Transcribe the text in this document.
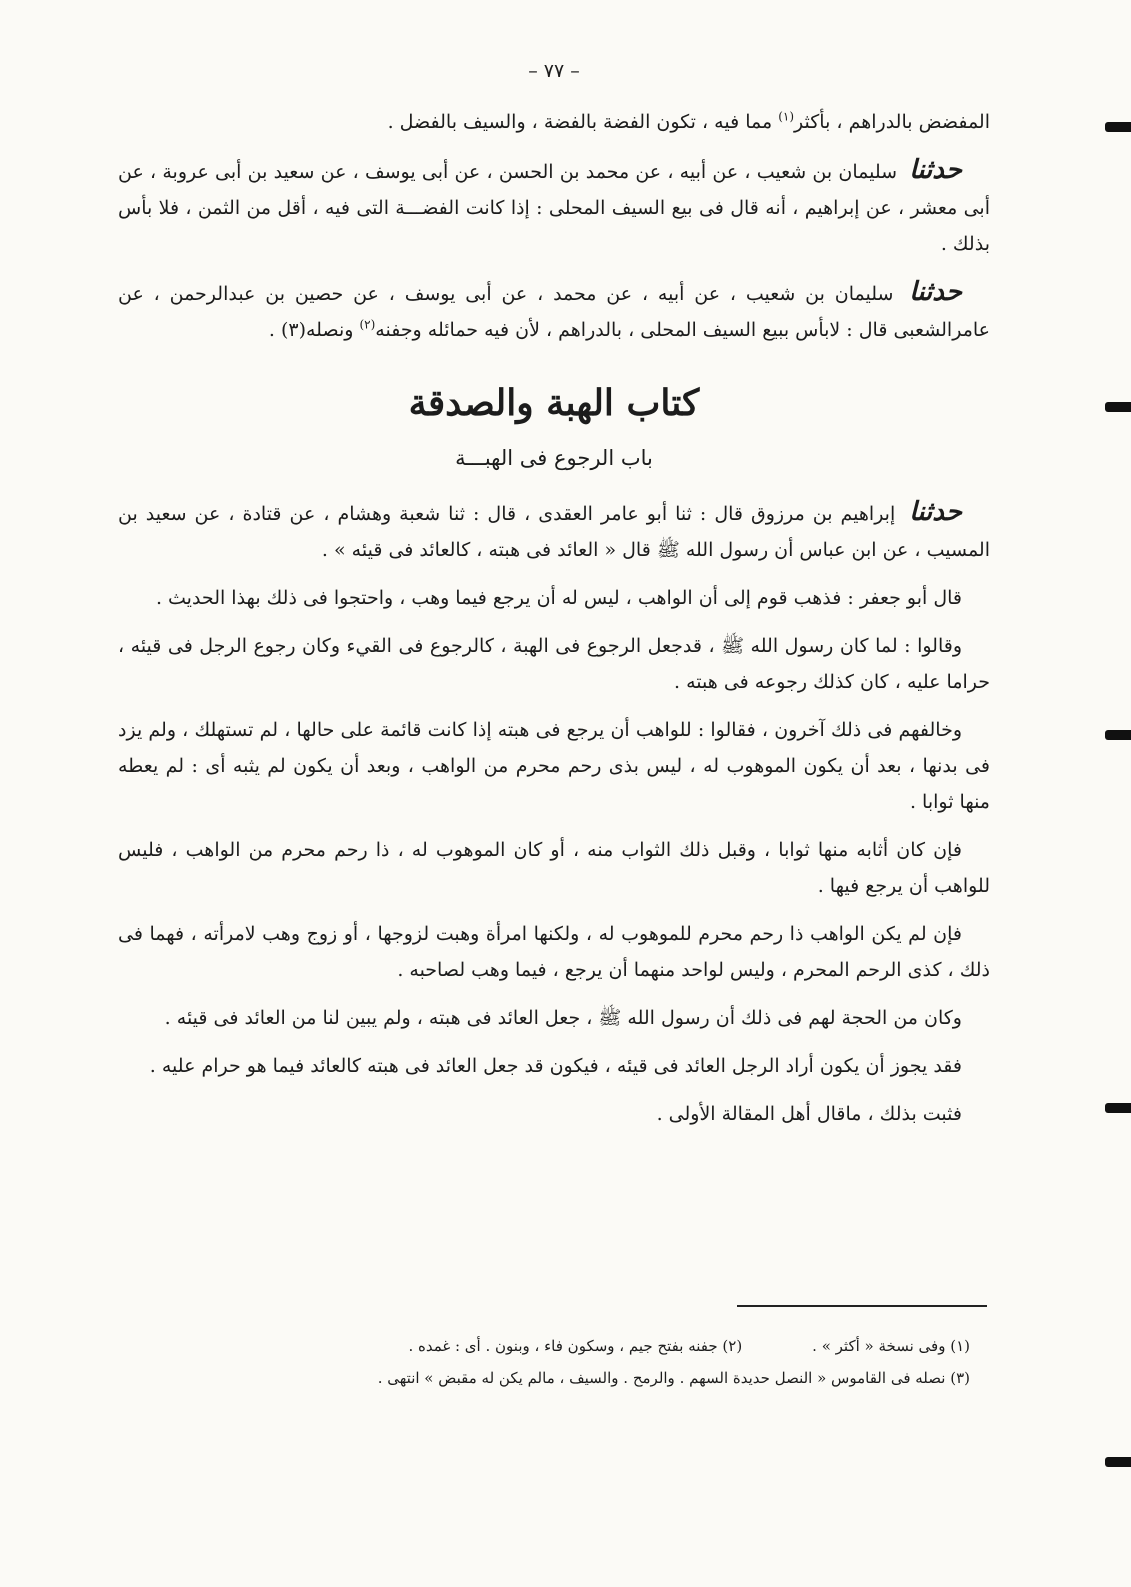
– ٧٧ –

المفضض بالدراهم ، بأكثر$^{(١)}$ مما فيه ، تكون الفضة بالفضة ، والسيف بالفضل .

حدثنا سليمان بن شعيب ، عن أبيه ، عن محمد بن الحسن ، عن أبى يوسف ، عن سعيد بن أبى عروبة ، عن أبى معشر ، عن إبراهيم ، أنه قال فى بيع السيف المحلى : إذا كانت الفضـــة التى فيه ، أقل من الثمن ، فلا بأس بذلك .

حدثنا سليمان بن شعيب ، عن أبيه ، عن محمد ، عن أبى يوسف ، عن حصين بن عبدالرحمن ، عن عامرالشعبى قال : لابأس ببيع السيف المحلى ، بالدراهم ، لأن فيه حمائله وجفنه$^{(٢)}$ ونصله(٣) .

كتاب الهبة والصدقة
باب الرجوع فى الهبـــة

حدثنا إبراهيم بن مرزوق قال : ثنا أبو عامر العقدى ، قال : ثنا شعبة وهشام ، عن قتادة ، عن سعيد بن المسيب ، عن ابن عباس أن رسول الله ﷺ قال « العائد فى هبته ، كالعائد فى قيئه » .

قال أبو جعفر : فذهب قوم إلى أن الواهب ، ليس له أن يرجع فيما وهب ، واحتجوا فى ذلك بهذا الحديث .

وقالوا : لما كان رسول الله ﷺ ، قدجعل الرجوع فى الهبة ، كالرجوع فى القيء وكان رجوع الرجل فى قيئه ، حراما عليه ، كان كذلك رجوعه فى هبته .

وخالفهم فى ذلك آخرون ، فقالوا : للواهب أن يرجع فى هبته إذا كانت قائمة على حالها ، لم تستهلك ، ولم يزد فى بدنها ، بعد أن يكون الموهوب له ، ليس بذى رحم محرم من الواهب ، وبعد أن يكون لم يثبه أى : لم يعطه منها ثوابا .

فإن كان أثابه منها ثوابا ، وقبل ذلك الثواب منه ، أو كان الموهوب له ، ذا رحم محرم من الواهب ، فليس للواهب أن يرجع فيها .

فإن لم يكن الواهب ذا رحم محرم للموهوب له ، ولكنها امرأة وهبت لزوجها ، أو زوج وهب لامرأته ، فهما فى ذلك ، كذى الرحم المحرم ، وليس لواحد منهما أن يرجع ، فيما وهب لصاحبه .

وكان من الحجة لهم فى ذلك أن رسول الله ﷺ ، جعل العائد فى هبته ، ولم يبين لنا من العائد فى قيئه .

فقد يجوز أن يكون أراد الرجل العائد فى قيئه ، فيكون قد جعل العائد فى هبته كالعائد فيما هو حرام عليه .

فثبت بذلك ، ماقال أهل المقالة الأولى .

(١) وفى نسخة « أكثر » .
(٢) جفنه بفتح جيم ، وسكون فاء ، وبنون . أى : غمده .
(٣) نصله فى القاموس « النصل حديدة السهم . والرمح . والسيف ، مالم يكن له مقبض » انتهى .
